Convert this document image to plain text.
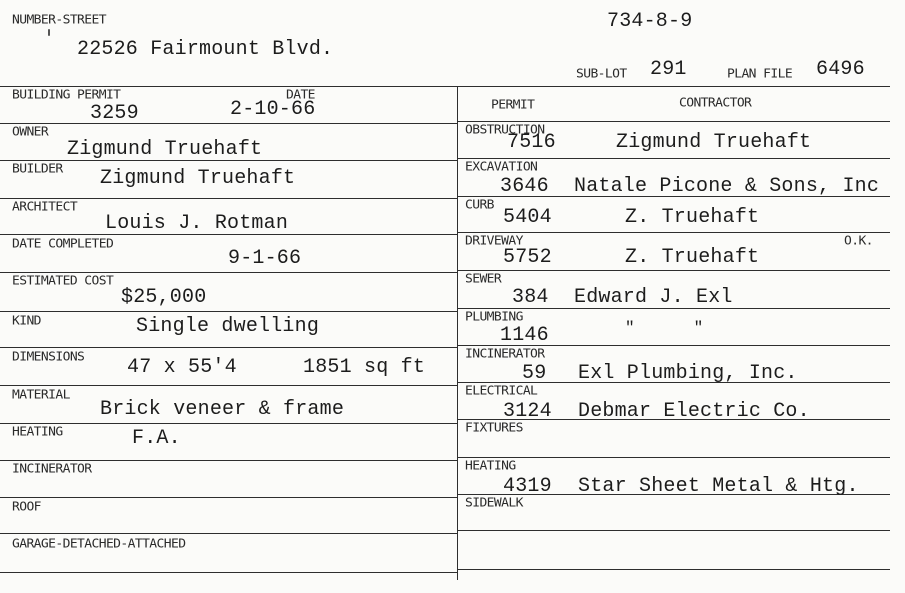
NUMBER-STREET
22526 Fairmount Blvd.
734-8-9
SUB-LOT 291	PLAN FILE 6496
BUILDING PERMIT
3259
DATE
2-10-66
OWNER
Zigmund Truehaft
BUILDER Zigmund Truehaft
ARCHITECT
Louis J. Rotman
DATE COMPLETED
9-1-66
ESTIMATED COST
$25,000
KIND	Single dwelling
DIMENSIONS 47 x 55'4	1851 sq ft
MATERIAL
Brick veneer & frame
HEATING	F.A.
INCINERATOR
ROOF
GARAGE-DETACHED-ATTACHED
PERMIT	CONTRACTOR
OBSTRUCTION
7516	Zigmund Truehaft
EXCAVATION
3646 Natale Picone & Sons, Inc
CURB
5404	Z. Truehaft
DRIVEWAY
5752	Z. Truehaft
O.K.
SEWER
384 Edward J. Exl
PLUMBING
1146	"      "
INCINERATOR
59 Exl Plumbing, Inc.
ELECTRICAL
3124 Debmar Electric Co.
FIXTURES
HEATING
4319 Star Sheet Metal & Htg.
SIDEWALK
